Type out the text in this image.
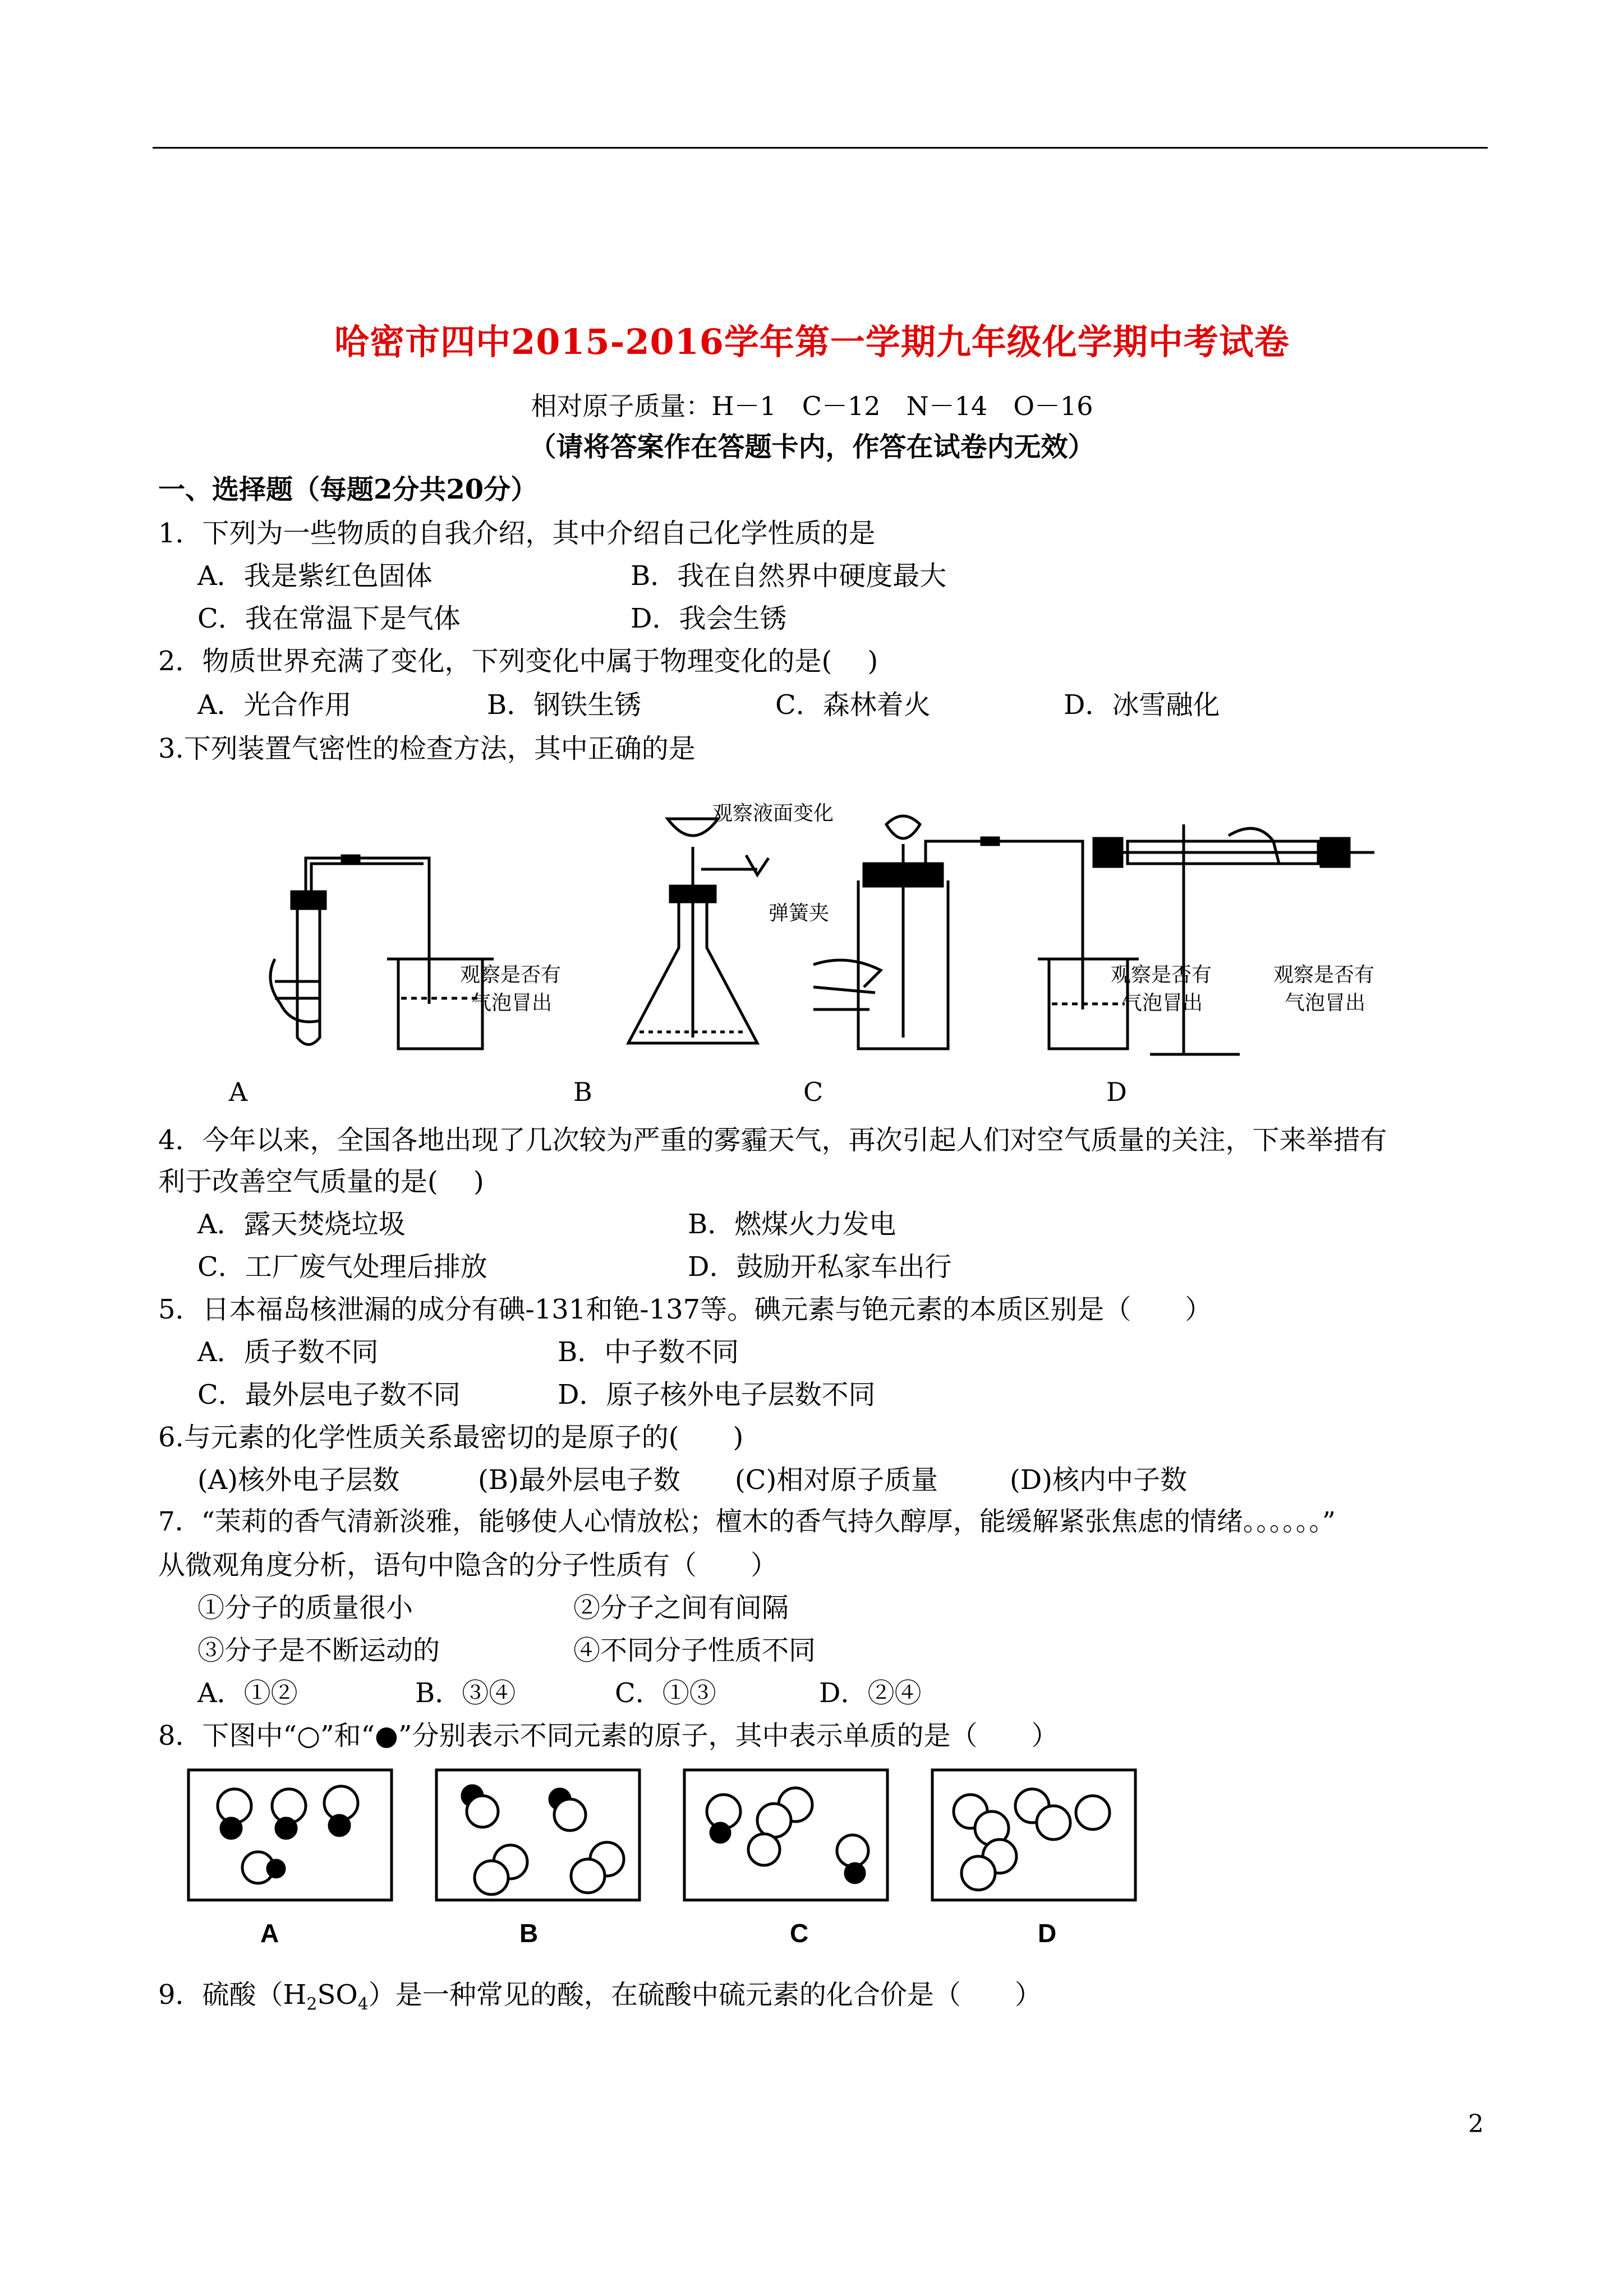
哈密市四中2015-2016学年第一学期九年级化学期中考试卷
相对原子质量：H－1　C－12　N－14　O－16
（请将答案作在答题卡内，作答在试卷内无效）
一、选择题（每题2分共20分）
1．下列为一些物质的自我介绍，其中介绍自己化学性质的是
A．我是紫红色固体	B．我在自然界中硬度最大
C．我在常温下是气体	D．我会生锈
2．物质世界充满了变化，下列变化中属于物理变化的是(　 )
A．光合作用	B．钢铁生锈	C．森林着火	D．冰雪融化
3.下列装置气密性的检查方法，其中正确的是
观察液面变化
弹簧夹
观察是否有
气泡冒出
观察是否有
气泡冒出
观察是否有
气泡冒出
A	B	C	D
4．今年以来，全国各地出现了几次较为严重的雾霾天气，再次引起人们对空气质量的关注，下来举措有
利于改善空气质量的是(　 )
A．露天焚烧垃圾	B．燃煤火力发电
C．工厂废气处理后排放	D．鼓励开私家车出行
5．日本福岛核泄漏的成分有碘-131和铯-137等。碘元素与铯元素的本质区别是（　　）
A．质子数不同	B．中子数不同
C．最外层电子数不同	D．原子核外电子层数不同
6.与元素的化学性质关系最密切的是原子的(　　)
(A)核外电子层数	(B)最外层电子数 (C)相对原子质量	(D)核内中子数
7．“茉莉的香气清新淡雅，能够使人心情放松；檀木的香气持久醇厚，能缓解紧张焦虑的情绪。。。。。。”
从微观角度分析，语句中隐含的分子性质有（　　）
①分子的质量很小	②分子之间有间隔
③分子是不断运动的	④不同分子性质不同
A．①②	B．③④	C．①③	D．②④
8．下图中“○”和“●”分别表示不同元素的原子，其中表示单质的是（　　）
A	B	C	D
9．硫酸$(H_2SO_4)$是一种常见的酸，在硫酸中硫元素的化合价是（　　）
2
